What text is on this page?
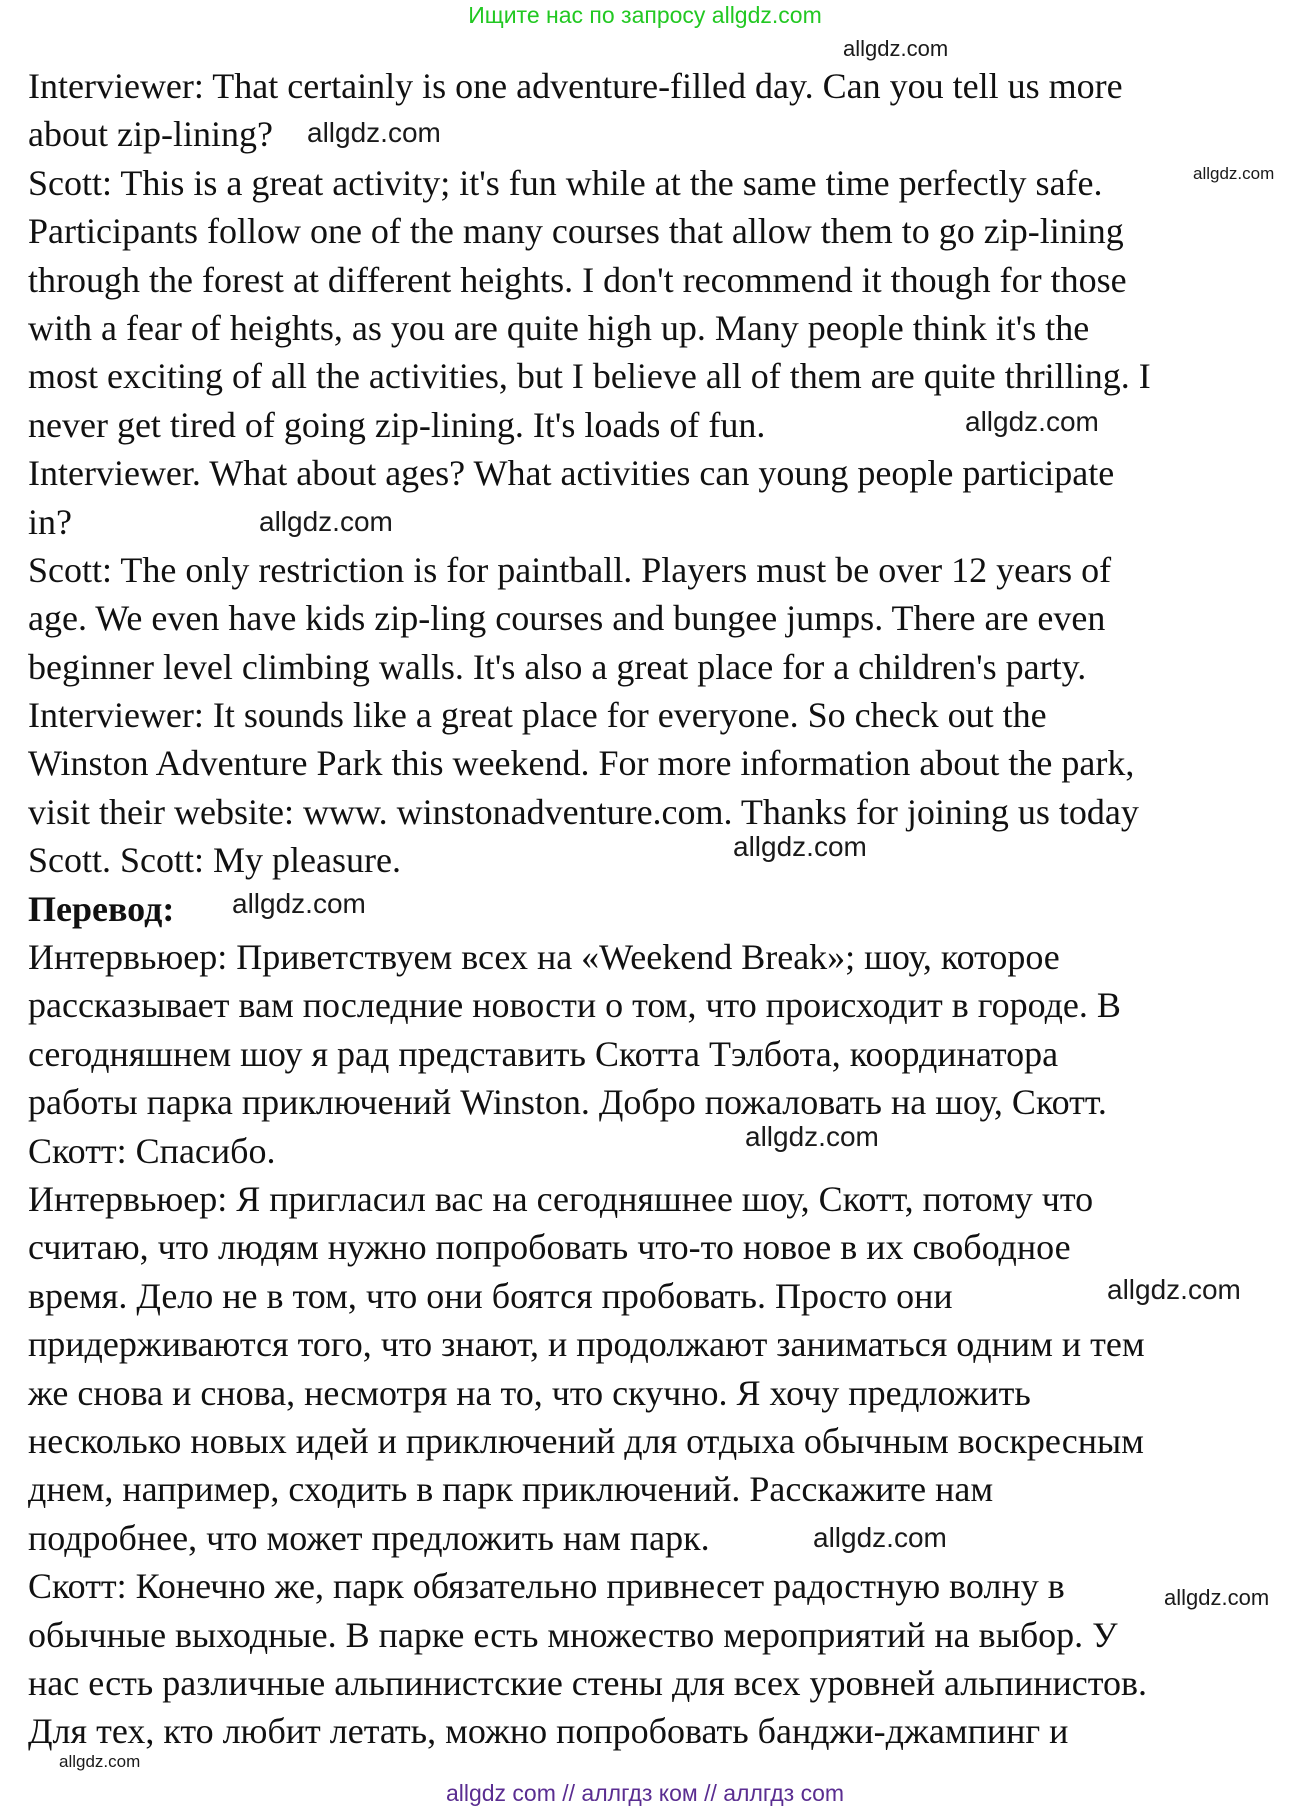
Ищите нас по запросу allgdz.com
Interviewer: That certainly is one adventure-filled day. Can you tell us more
about zip-lining?
Scott: This is a great activity; it's fun while at the same time perfectly safe.
Participants follow one of the many courses that allow them to go zip-lining
through the forest at different heights. I don't recommend it though for those
with a fear of heights, as you are quite high up. Many people think it's the
most exciting of all the activities, but I believe all of them are quite thrilling. I
never get tired of going zip-lining. It's loads of fun.
Interviewer. What about ages? What activities can young people participate
in?
Scott: The only restriction is for paintball. Players must be over 12 years of
age. We even have kids zip-ling courses and bungee jumps. There are even
beginner level climbing walls. It's also a great place for a children's party.
Interviewer: It sounds like a great place for everyone. So check out the
Winston Adventure Park this weekend. For more information about the park,
visit their website: www. winstonadventure.com. Thanks for joining us today
Scott. Scott: My pleasure.
Перевод:
Интервьюер: Приветствуем всех на «Weekend Break»; шоу, которое
рассказывает вам последние новости о том, что происходит в городе. В
сегодняшнем шоу я рад представить Скотта Тэлбота, координатора
работы парка приключений Winston. Добро пожаловать на шоу, Скотт.
Скотт: Спасибо.
Интервьюер: Я пригласил вас на сегодняшнее шоу, Скотт, потому что
считаю, что людям нужно попробовать что-то новое в их свободное
время. Дело не в том, что они боятся пробовать. Просто они
придерживаются того, что знают, и продолжают заниматься одним и тем
же снова и снова, несмотря на то, что скучно. Я хочу предложить
несколько новых идей и приключений для отдыха обычным воскресным
днем, например, сходить в парк приключений. Расскажите нам
подробнее, что может предложить нам парк.
Скотт: Конечно же, парк обязательно привнесет радостную волну в
обычные выходные. В парке есть множество мероприятий на выбор. У
нас есть различные альпинистские стены для всех уровней альпинистов.
Для тех, кто любит летать, можно попробовать банджи-джампинг и
allgdz.com
allgdz.com
allgdz.com
allgdz.com
allgdz.com
allgdz.com
allgdz.com
allgdz.com
allgdz.com
allgdz.com
allgdz.com
allgdz.com
allgdz com // аллгдз ком // аллгдз com
